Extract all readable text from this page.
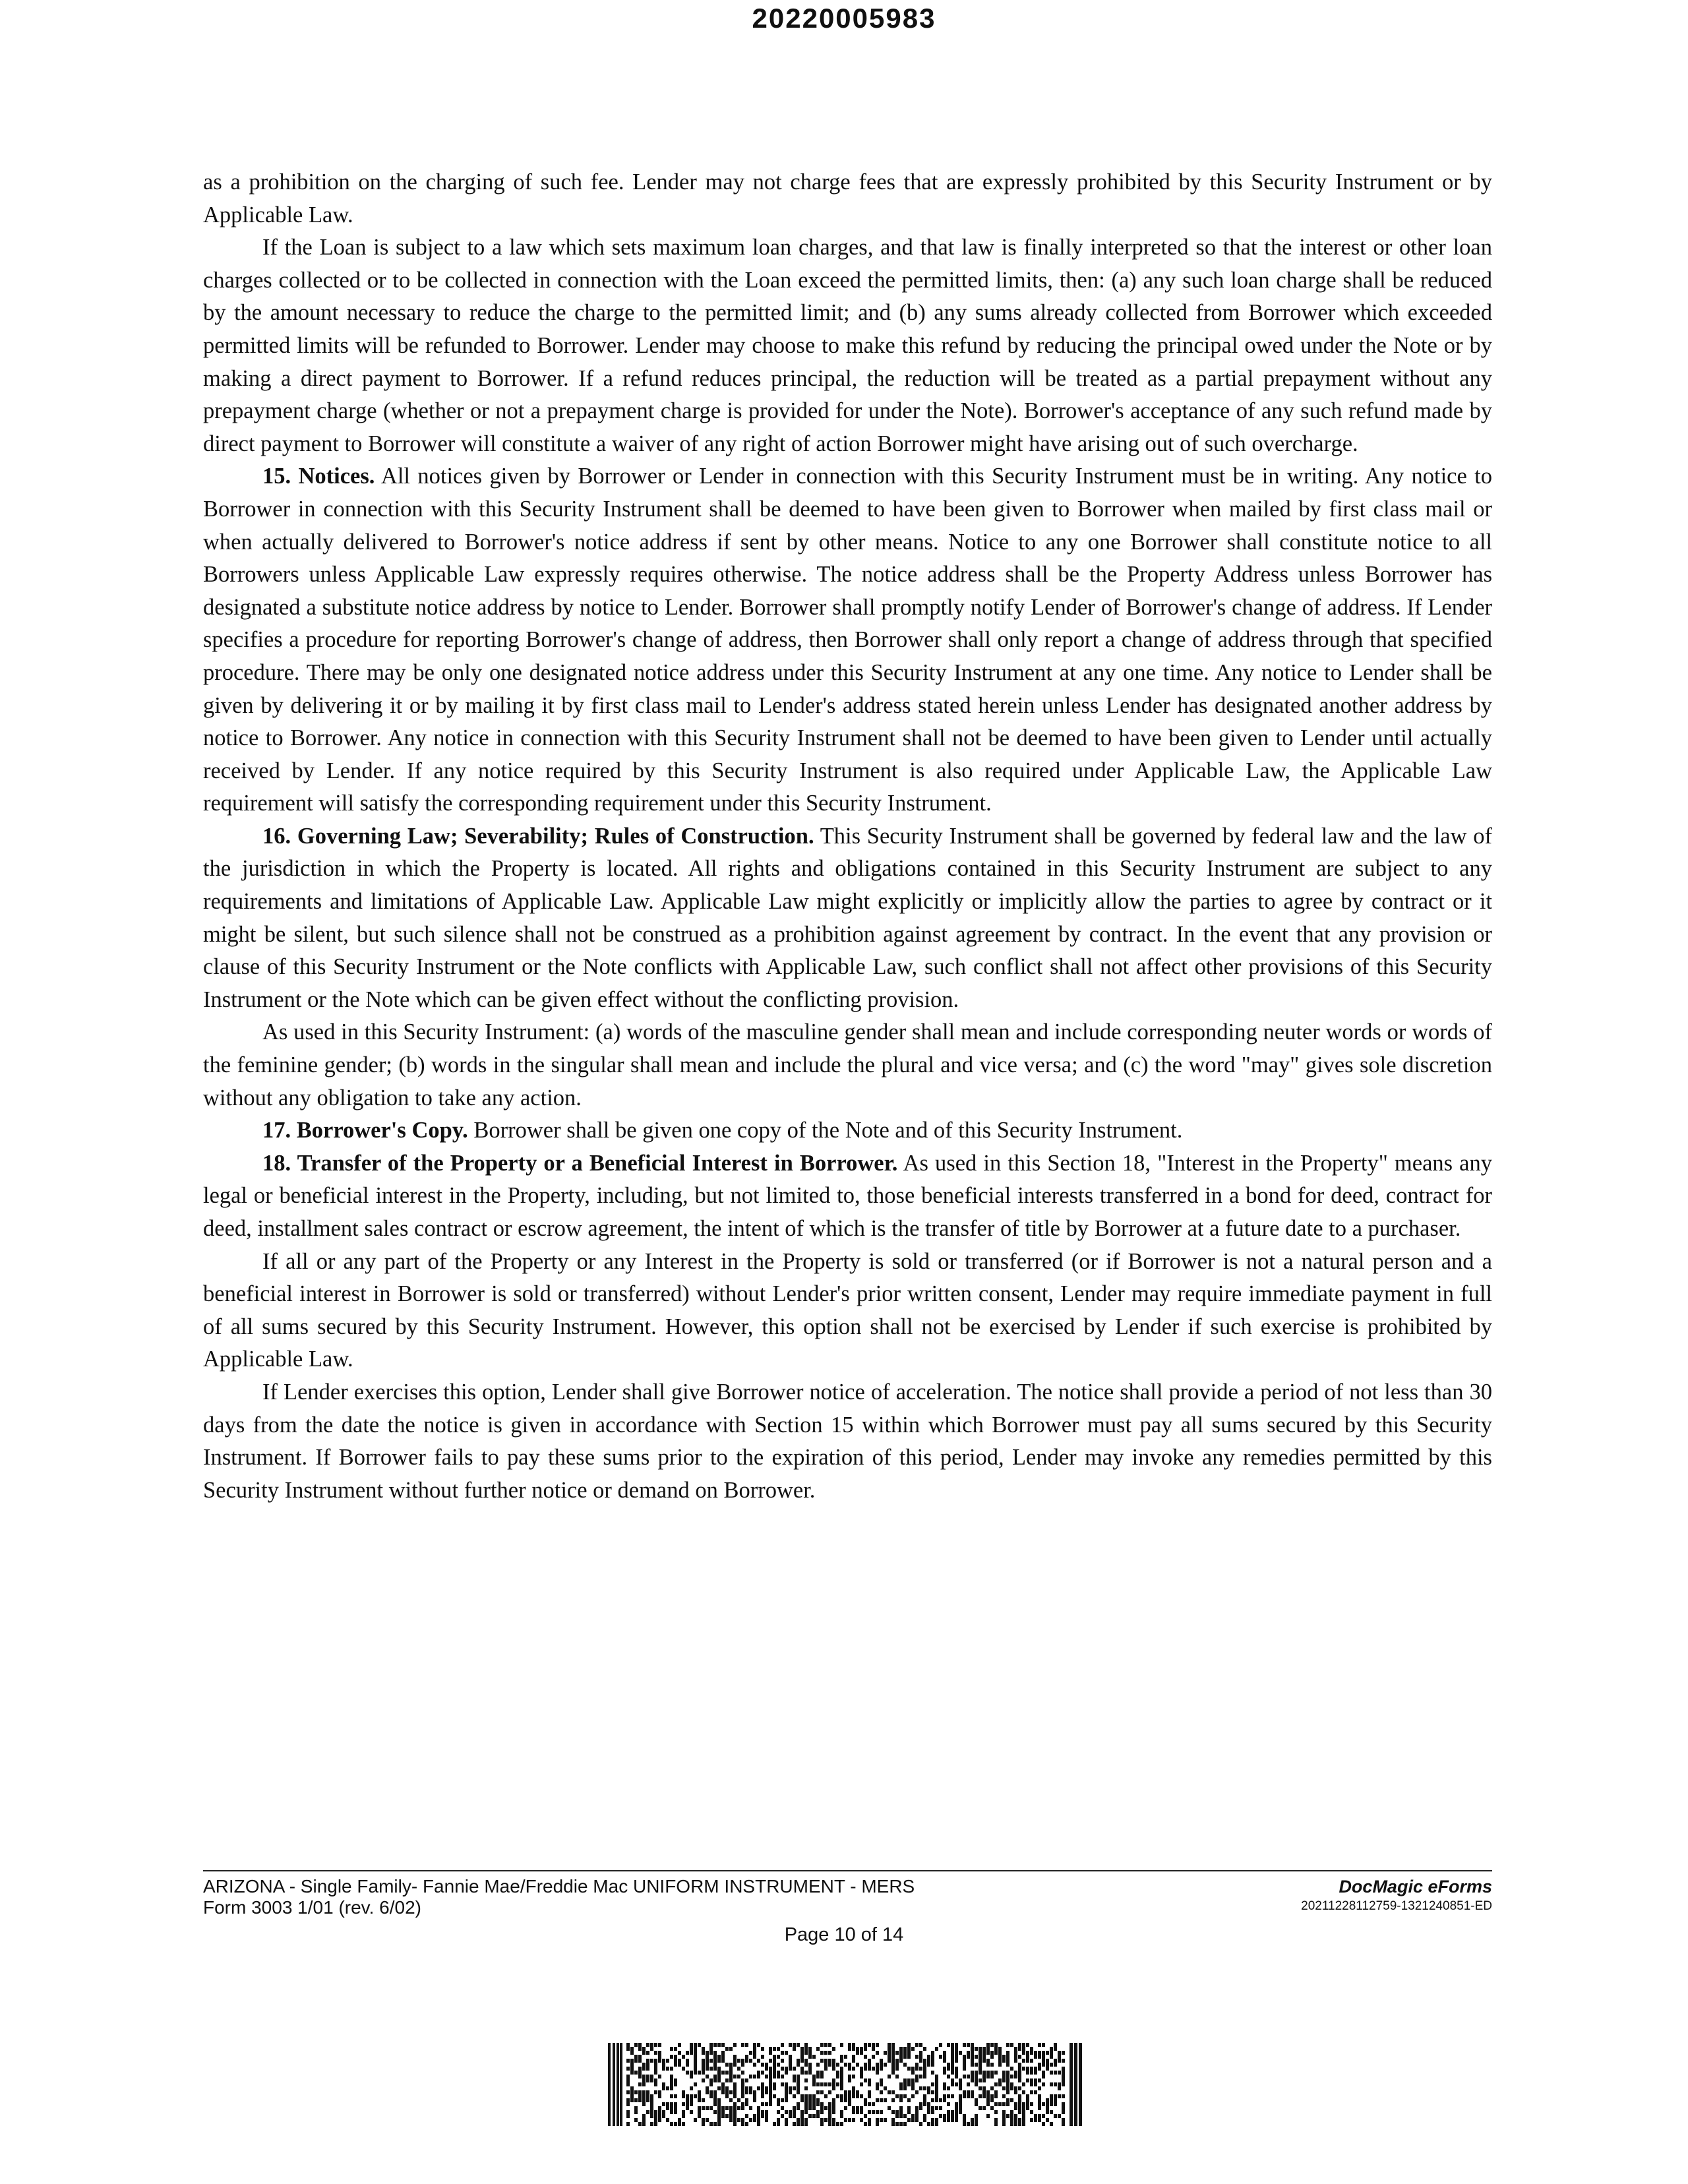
20220005983

as a prohibition on the charging of such fee. Lender may not charge fees that are expressly prohibited by this Security Instrument or by Applicable Law.

If the Loan is subject to a law which sets maximum loan charges, and that law is finally interpreted so that the interest or other loan charges collected or to be collected in connection with the Loan exceed the permitted limits, then: (a) any such loan charge shall be reduced by the amount necessary to reduce the charge to the permitted limit; and (b) any sums already collected from Borrower which exceeded permitted limits will be refunded to Borrower. Lender may choose to make this refund by reducing the principal owed under the Note or by making a direct payment to Borrower. If a refund reduces principal, the reduction will be treated as a partial prepayment without any prepayment charge (whether or not a prepayment charge is provided for under the Note). Borrower's acceptance of any such refund made by direct payment to Borrower will constitute a waiver of any right of action Borrower might have arising out of such overcharge.

15. Notices. All notices given by Borrower or Lender in connection with this Security Instrument must be in writing. Any notice to Borrower in connection with this Security Instrument shall be deemed to have been given to Borrower when mailed by first class mail or when actually delivered to Borrower's notice address if sent by other means. Notice to any one Borrower shall constitute notice to all Borrowers unless Applicable Law expressly requires otherwise. The notice address shall be the Property Address unless Borrower has designated a substitute notice address by notice to Lender. Borrower shall promptly notify Lender of Borrower's change of address. If Lender specifies a procedure for reporting Borrower's change of address, then Borrower shall only report a change of address through that specified procedure. There may be only one designated notice address under this Security Instrument at any one time. Any notice to Lender shall be given by delivering it or by mailing it by first class mail to Lender's address stated herein unless Lender has designated another address by notice to Borrower. Any notice in connection with this Security Instrument shall not be deemed to have been given to Lender until actually received by Lender. If any notice required by this Security Instrument is also required under Applicable Law, the Applicable Law requirement will satisfy the corresponding requirement under this Security Instrument.

16. Governing Law; Severability; Rules of Construction. This Security Instrument shall be governed by federal law and the law of the jurisdiction in which the Property is located. All rights and obligations contained in this Security Instrument are subject to any requirements and limitations of Applicable Law. Applicable Law might explicitly or implicitly allow the parties to agree by contract or it might be silent, but such silence shall not be construed as a prohibition against agreement by contract. In the event that any provision or clause of this Security Instrument or the Note conflicts with Applicable Law, such conflict shall not affect other provisions of this Security Instrument or the Note which can be given effect without the conflicting provision.

As used in this Security Instrument: (a) words of the masculine gender shall mean and include corresponding neuter words or words of the feminine gender; (b) words in the singular shall mean and include the plural and vice versa; and (c) the word "may" gives sole discretion without any obligation to take any action.

17. Borrower's Copy. Borrower shall be given one copy of the Note and of this Security Instrument.

18. Transfer of the Property or a Beneficial Interest in Borrower. As used in this Section 18, "Interest in the Property" means any legal or beneficial interest in the Property, including, but not limited to, those beneficial interests transferred in a bond for deed, contract for deed, installment sales contract or escrow agreement, the intent of which is the transfer of title by Borrower at a future date to a purchaser.

If all or any part of the Property or any Interest in the Property is sold or transferred (or if Borrower is not a natural person and a beneficial interest in Borrower is sold or transferred) without Lender's prior written consent, Lender may require immediate payment in full of all sums secured by this Security Instrument. However, this option shall not be exercised by Lender if such exercise is prohibited by Applicable Law.

If Lender exercises this option, Lender shall give Borrower notice of acceleration. The notice shall provide a period of not less than 30 days from the date the notice is given in accordance with Section 15 within which Borrower must pay all sums secured by this Security Instrument. If Borrower fails to pay these sums prior to the expiration of this period, Lender may invoke any remedies permitted by this Security Instrument without further notice or demand on Borrower.

ARIZONA - Single Family- Fannie Mae/Freddie Mac UNIFORM INSTRUMENT - MERS
Form 3003 1/01 (rev. 6/02)
DocMagic eForms
20211228112759-1321240851-ED
Page 10 of 14
